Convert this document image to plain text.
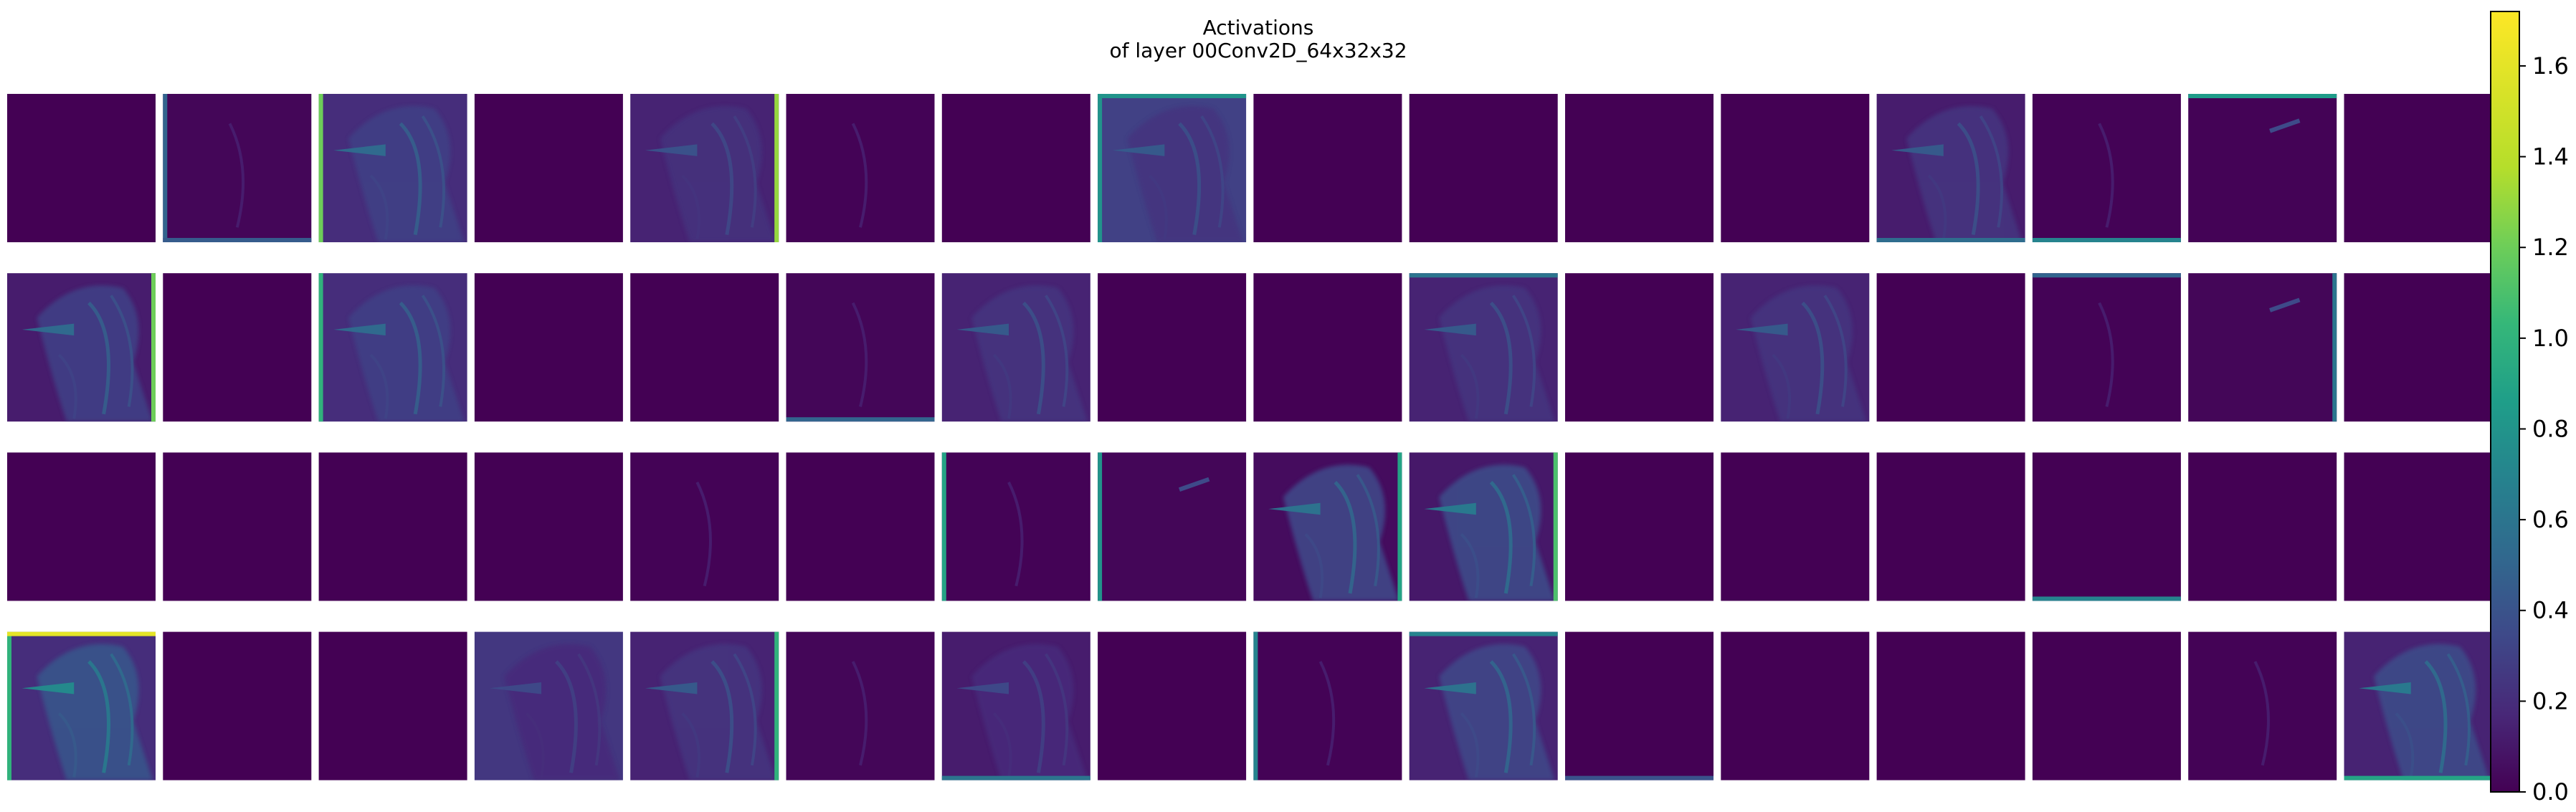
Activations
of layer 00Conv2D_64x32x32
0.0
0.2
0.4
0.6
0.8
1.0
1.2
1.4
1.6
